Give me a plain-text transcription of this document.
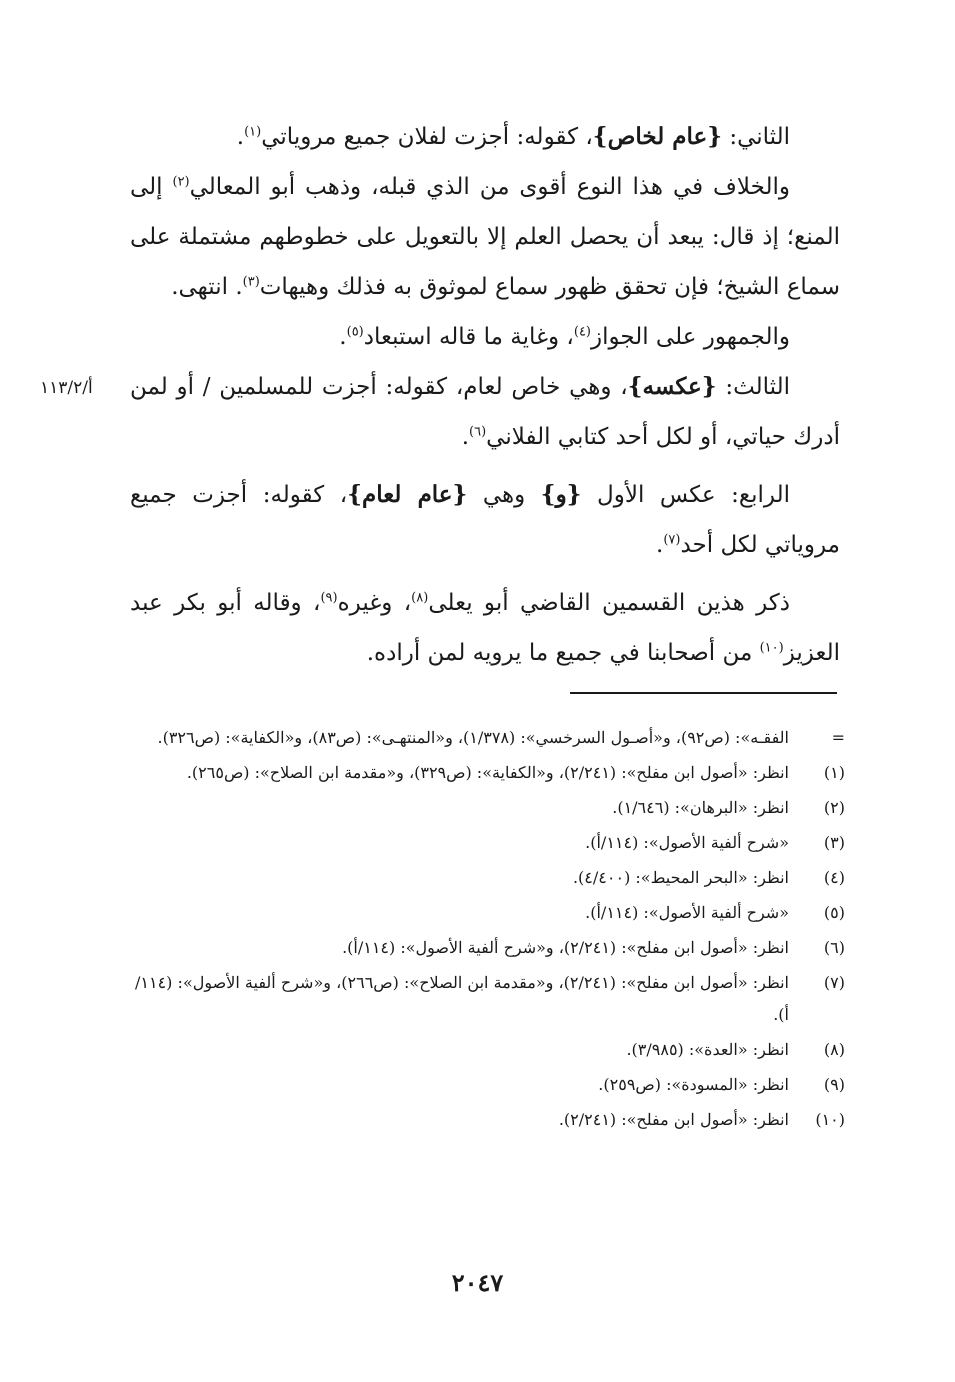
الثاني: {عام لخاص}، كقوله: أجزت لفلان جميع مروياتي$^{(١)}$.

والخلاف في هذا النوع أقوى من الذي قبله، وذهب أبو المعالي$^{(٢)}$ إلى المنع؛ إذ قال: يبعد أن يحصل العلم إلا بالتعويل على خطوطهم مشتملة على سماع الشيخ؛ فإن تحقق ظهور سماع لموثوق به فذلك وهيهات$^{(٣)}$. انتهى.

والجمهور على الجواز$^{(٤)}$، وغاية ما قاله استبعاد$^{(٥)}$.

الثالث: {عكسه}، وهي خاص لعام، كقوله: أجزت للمسلمين / أو لمن أدرك حياتي، أو لكل أحد كتابي الفلاني$^{(٦)}$.

الرابع: عكس الأول {و} وهي {عام لعام}، كقوله: أجزت جميع مروياتي لكل أحد$^{(٧)}$.

ذكر هذين القسمين القاضي أبو يعلى$^{(٨)}$، وغيره$^{(٩)}$، وقاله أبو بكر عبد العزيز$^{(١٠)}$ من أصحابنا في جميع ما يرويه لمن أراده.

أ/١١٣/٢
=
الفقـه»: (ص٩٢)، و«أصـول السرخسي»: (١/٣٧٨)، و«المنتهـى»: (ص٨٣)، و«الكفاية»: (ص٣٢٦).
(١)
انظر: «أصول ابن مفلح»: (٢/٢٤١)، و«الكفاية»: (ص٣٢٩)، و«مقدمة ابن الصلاح»: (ص٢٦٥).
(٢)
انظر: «البرهان»: (١/٦٤٦).
(٣)
«شرح ألفية الأصول»: (١١٤/أ).
(٤)
انظر: «البحر المحيط»: (٤/٤٠٠).
(٥)
«شرح ألفية الأصول»: (١١٤/أ).
(٦)
انظر: «أصول ابن مفلح»: (٢/٢٤١)، و«شرح ألفية الأصول»: (١١٤/أ).
(٧)
انظر: «أصول ابن مفلح»: (٢/٢٤١)، و«مقدمة ابن الصلاح»: (ص٢٦٦)، و«شرح ألفية الأصول»: (١١٤/أ).
(٨)
انظر: «العدة»: (٣/٩٨٥).
(٩)
انظر: «المسودة»: (ص٢٥٩).
(١٠)
انظر: «أصول ابن مفلح»: (٢/٢٤١).
٢٠٤٧
